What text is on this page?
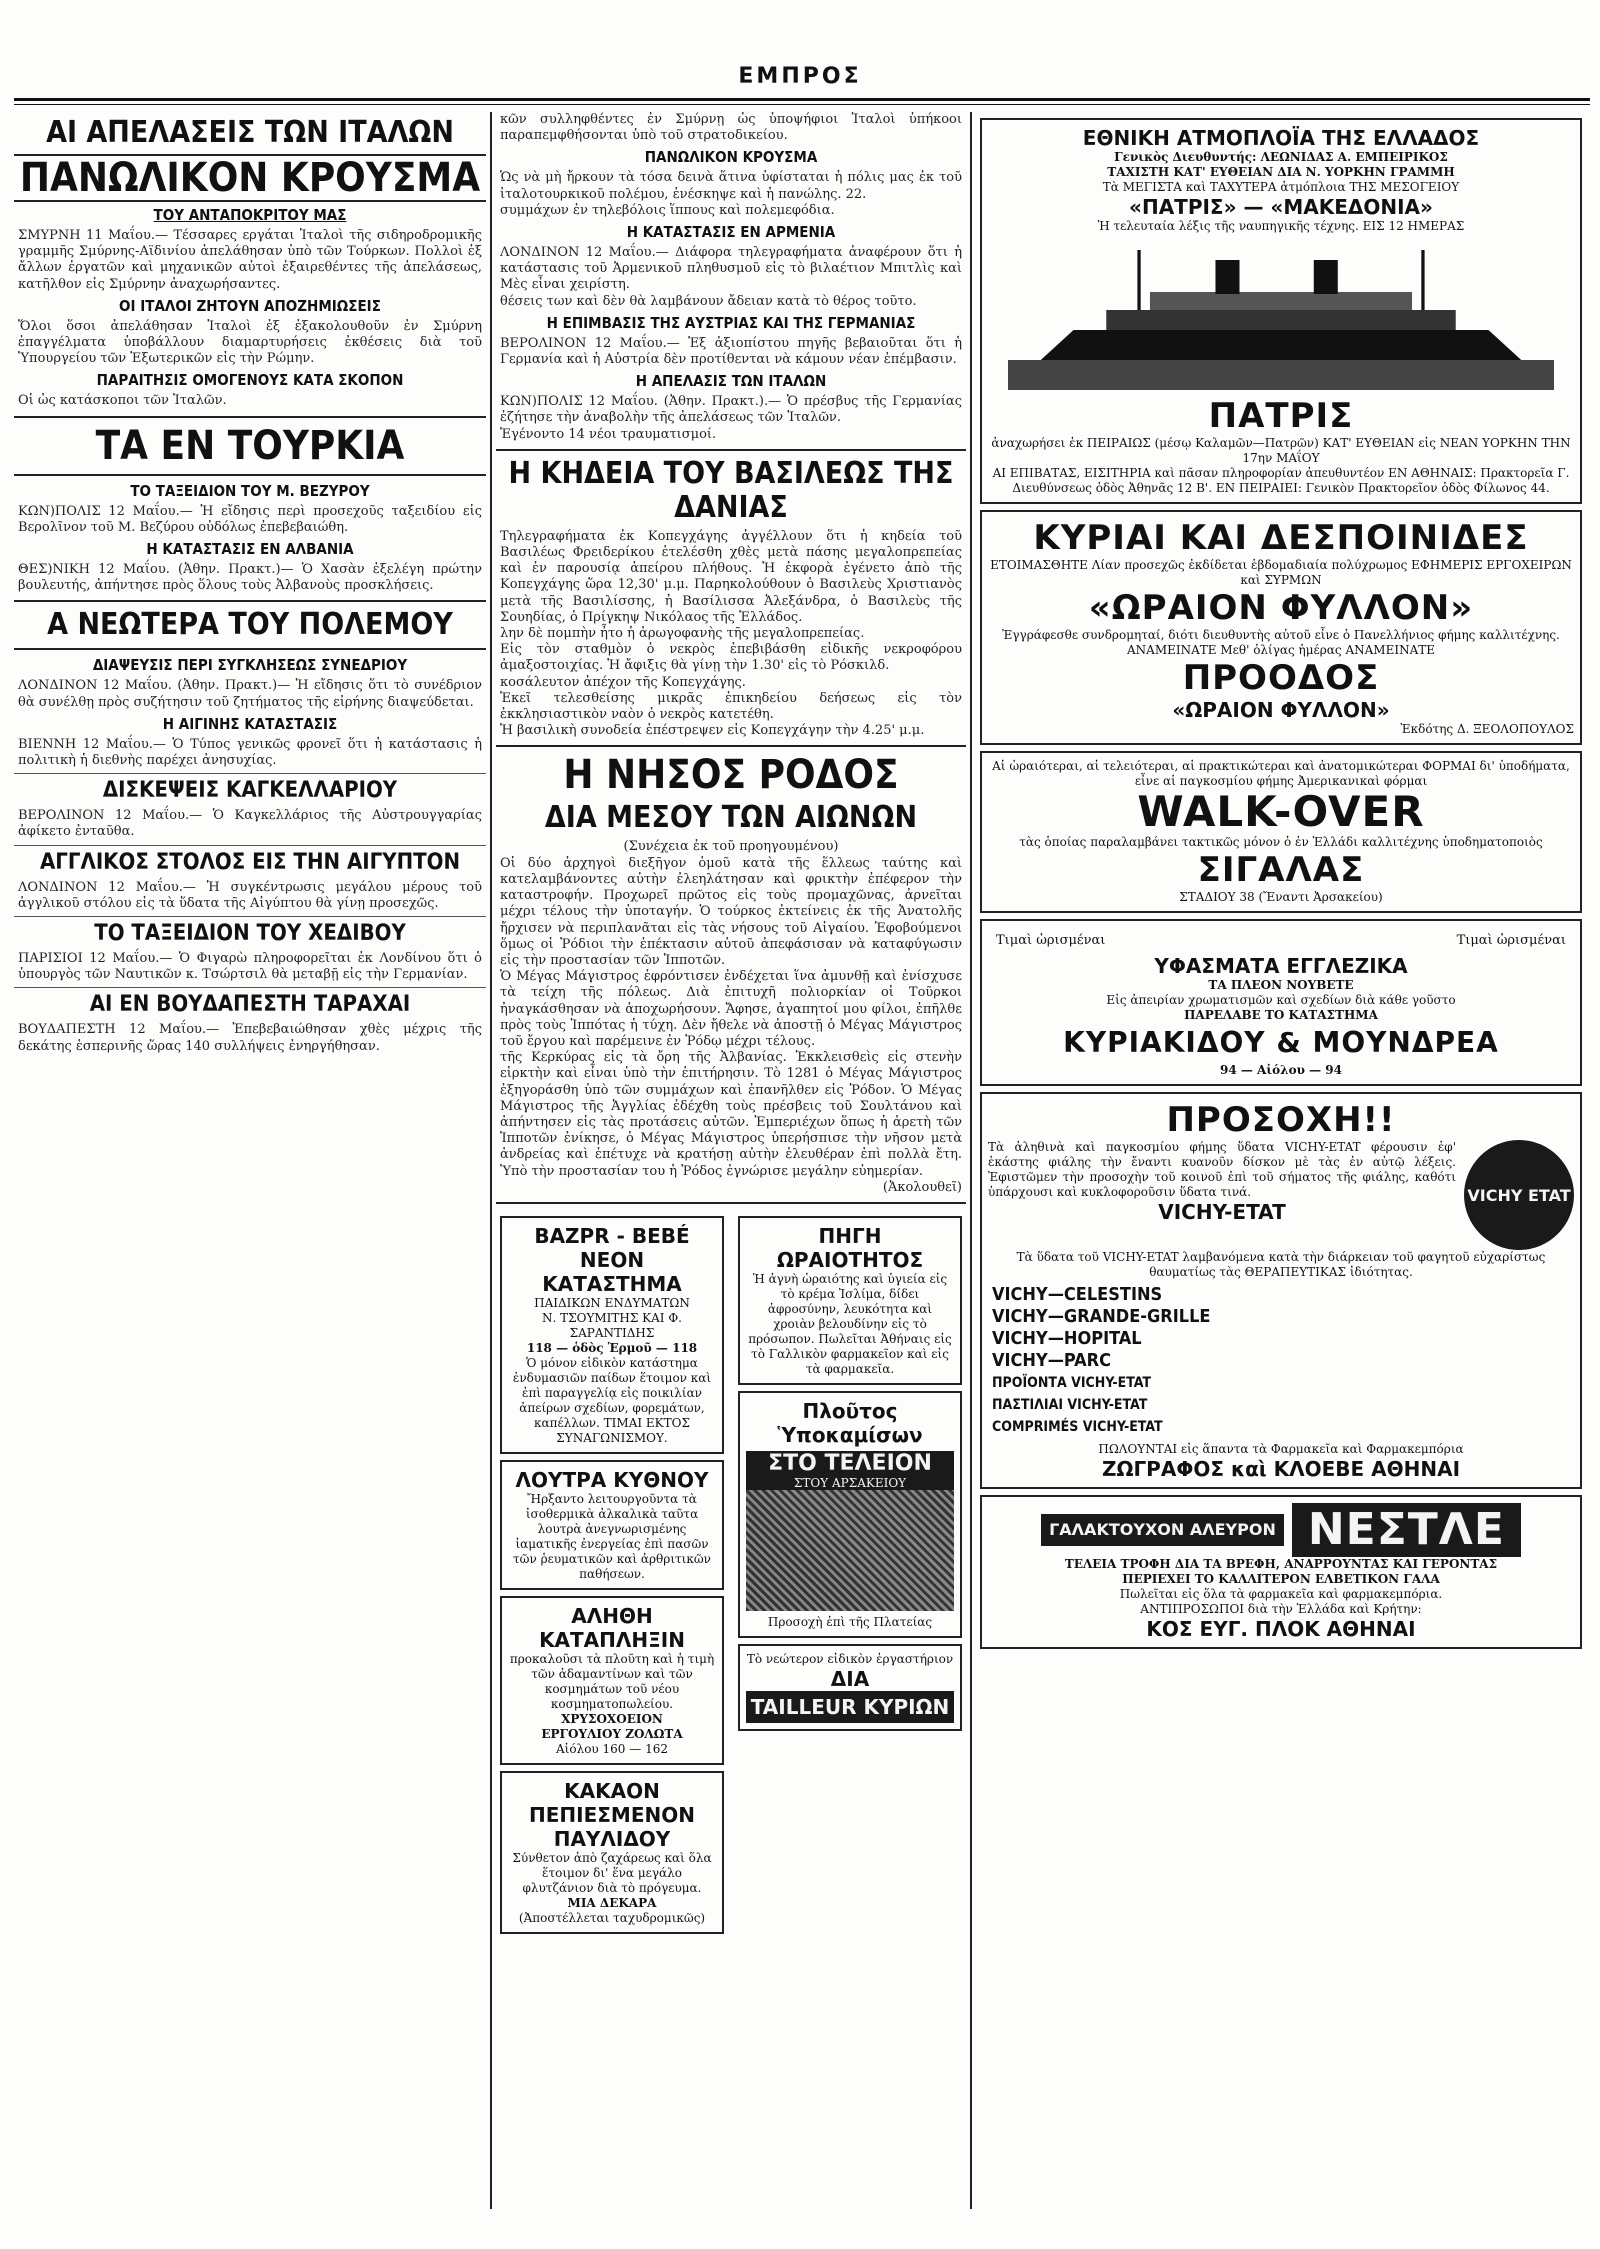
ΕΜΠΡΟΣ
ΑΙ ΑΠΕΛΑΣΕΙΣ ΤΩΝ ΙΤΑΛΩΝ
ΠΑΝΩΛΙΚΟΝ ΚΡΟΥΣΜΑ
ΤΟΥ ΑΝΤΑΠΟΚΡΙΤΟΥ ΜΑΣ
ΣΜΥΡΝΗ 11 Μαΐου.— Τέσσαρες εργάται Ἰταλοὶ τῆς σιδηροδρομικῆς γραμμῆς Σμύρνης-Αϊδινίου ἀπελάθησαν ὑπὸ τῶν Τούρκων. Πολλοὶ ἐξ ἄλλων ἐργατῶν καὶ μηχανικῶν αὐτοὶ ἐξαιρεθέντες τῆς ἀπελάσεως, κατῆλθον εἰς Σμύρνην ἀναχωρήσαντες.
ΟΙ ΙΤΑΛΟΙ ΖΗΤΟΥΝ ΑΠΟΖΗΜΙΩΣΕΙΣ
Ὅλοι ὅσοι ἀπελάθησαν Ἰταλοὶ ἐξ ἐξακολουθοῦν ἐν Σμύρνη ἐπαγγέλματα ὑποβάλλουν διαμαρτυρήσεις ἐκθέσεις διὰ τοῦ Ὑπουργείου τῶν Ἐξωτερικῶν εἰς τὴν Ρώμην.
ΠΑΡΑΙΤΗΣΙΣ ΟΜΟΓΕΝΟΥΣ ΚΑΤΑ ΣΚΟΠΟΝ
Οἱ ὡς κατάσκοποι τῶν Ἰταλῶν.
ΤΑ ΕΝ ΤΟΥΡΚΙΑ
ΤΟ ΤΑΞΕΙΔΙΟΝ ΤΟΥ Μ. ΒΕΖΥΡΟΥ
ΚΩΝ)ΠΟΛΙΣ 12 Μαΐου.— Ἡ εἴδησις περὶ προσεχοῦς ταξειδίου εἰς Βερολῖνον τοῦ Μ. Βεζύρου οὐδόλως ἐπεβεβαιώθη.
Η ΚΑΤΑΣΤΑΣΙΣ ΕΝ ΑΛΒΑΝΙΑ
ΘΕΣ)ΝΙΚΗ 12 Μαΐου. (Ἀθην. Πρακτ.)— Ὁ Χασὰν ἐξελέγη πρώτην βουλευτής, ἀπήντησε πρὸς ὅλους τοὺς Ἀλβανοὺς προσκλήσεις.
Α ΝΕΩΤΕΡΑ ΤΟΥ ΠΟΛΕΜΟΥ
ΔΙΑΨΕΥΣΙΣ ΠΕΡΙ ΣΥΓΚΛΗΣΕΩΣ ΣΥΝΕΔΡΙΟΥ
ΛΟΝΔΙΝΟΝ 12 Μαΐου. (Ἀθην. Πρακτ.)— Ἡ εἴδησις ὅτι τὸ συνέδριον θὰ συνέλθῃ πρὸς συζήτησιν τοῦ ζητήματος τῆς εἰρήνης διαψεύδεται.
Η ΑΙΓΙΝΗΣ ΚΑΤΑΣΤΑΣΙΣ
ΒΙΕΝΝΗ 12 Μαΐου.— Ὁ Τύπος γενικῶς φρονεῖ ὅτι ἡ κατάστασις ἡ πολιτικὴ ἡ διεθνὴς παρέχει ἀνησυχίας.
ΔΙΣΚΕΨΕΙΣ ΚΑΓΚΕΛΛΑΡΙΟΥ
ΒΕΡΟΛΙΝΟΝ 12 Μαΐου.— Ὁ Καγκελλάριος τῆς Αὐστρουγγαρίας ἀφίκετο ἐνταῦθα.
ΑΓΓΛΙΚΟΣ ΣΤΟΛΟΣ ΕΙΣ ΤΗΝ ΑΙΓΥΠΤΟΝ
ΛΟΝΔΙΝΟΝ 12 Μαΐου.— Ἡ συγκέντρωσις μεγάλου μέρους τοῦ ἀγγλικοῦ στόλου εἰς τὰ ὕδατα τῆς Αἰγύπτου θὰ γίνῃ προσεχῶς.
ΤΟ ΤΑΞΕΙΔΙΟΝ ΤΟΥ ΧΕΔΙΒΟΥ
ΠΑΡΙΣΙΟΙ 12 Μαΐου.— Ὁ Φιγαρὼ πληροφορεῖται ἐκ Λονδίνου ὅτι ὁ ὑπουργὸς τῶν Ναυτικῶν κ. Τσώρτσιλ θὰ μεταβῇ εἰς τὴν Γερμανίαν.
ΑΙ ΕΝ ΒΟΥΔΑΠΕΣΤΗ ΤΑΡΑΧΑΙ
ΒΟΥΔΑΠΕΣΤΗ 12 Μαΐου.— Ἐπεβεβαιώθησαν χθὲς μέχρις τῆς δεκάτης ἑσπερινῆς ὥρας 140 συλλήψεις ἐνηργήθησαν.
κῶν συλληφθέντες ἐν Σμύρνῃ ὡς ὑποψήφιοι Ἰταλοὶ ὑπήκοοι παραπεμφθήσονται ὑπὸ τοῦ στρατοδικείου.
ΠΑΝΩΛΙΚΟΝ ΚΡΟΥΣΜΑ
Ὡς νὰ μὴ ἤρκουν τὰ τόσα δεινὰ ἅτινα ὑφίσταται ἡ πόλις μας ἐκ τοῦ ἰταλοτουρκικοῦ πολέμου, ἐνέσκηψε καὶ ἡ πανώλης. 22.
συμμάχων ἐν τηλεβόλοις ἵππους καὶ πολεμεφόδια.
Η ΚΑΤΑΣΤΑΣΙΣ ΕΝ ΑΡΜΕΝΙΑ
ΛΟΝΔΙΝΟΝ 12 Μαΐου.— Διάφορα τηλεγραφήματα ἀναφέρουν ὅτι ἡ κατάστασις τοῦ Ἀρμενικοῦ πληθυσμοῦ εἰς τὸ βιλαέτιον Μπιτλὶς καὶ Μὲς εἶναι χειρίστη.
θέσεις των καὶ δὲν θὰ λαμβάνουν ἄδειαν κατὰ τὸ θέρος τοῦτο.
Η ΕΠΙΜΒΑΣΙΣ ΤΗΣ ΑΥΣΤΡΙΑΣ ΚΑΙ ΤΗΣ ΓΕΡΜΑΝΙΑΣ
ΒΕΡΟΛΙΝΟΝ 12 Μαΐου.— Ἐξ ἀξιοπίστου πηγῆς βεβαιοῦται ὅτι ἡ Γερμανία καὶ ἡ Αὐστρία δὲν προτίθενται νὰ κάμουν νέαν ἐπέμβασιν.
Η ΑΠΕΛΑΣΙΣ ΤΩΝ ΙΤΑΛΩΝ
ΚΩΝ)ΠΟΛΙΣ 12 Μαΐου. (Ἀθην. Πρακτ.).— Ὁ πρέσβυς τῆς Γερμανίας ἐζήτησε τὴν ἀναβολὴν τῆς ἀπελάσεως τῶν Ἰταλῶν.
Ἐγένοντο 14 νέοι τραυματισμοί.
Η ΚΗΔΕΙΑ ΤΟΥ ΒΑΣΙΛΕΩΣ ΤΗΣ ΔΑΝΙΑΣ
Τηλεγραφήματα ἐκ Κοπεγχάγης ἀγγέλλουν ὅτι ἡ κηδεία τοῦ Βασιλέως Φρειδερίκου ἐτελέσθη χθὲς μετὰ πάσης μεγαλοπρεπείας καὶ ἐν παρουσίᾳ ἀπείρου πλήθους. Ἡ ἐκφορὰ ἐγένετο ἀπὸ τῆς Κοπεγχάγης ὥρα 12,30' μ.μ. Παρηκολούθουν ὁ Βασιλεὺς Χριστιανὸς μετὰ τῆς Βασιλίσσης, ἡ Βασίλισσα Ἀλεξάνδρα, ὁ Βασιλεὺς τῆς Σουηδίας, ὁ Πρίγκηψ Νικόλαος τῆς Ἑλλάδος.
λην δὲ πομπὴν ἦτο ἡ ἀρωγοφανὴς τῆς μεγαλοπρεπείας.
Εἰς τὸν σταθμὸν ὁ νεκρὸς ἐπεβιβάσθη εἰδικῆς νεκροφόρου ἀμαξοστοιχίας. Ἡ ἄφιξις θὰ γίνῃ τὴν 1.30' εἰς τὸ Ρόσκιλδ.
κοσάλευτον ἀπέχον τῆς Κοπεγχάγης.
Ἐκεῖ τελεσθείσης μικρᾶς ἐπικηδείου δεήσεως εἰς τὸν ἐκκλησιαστικὸν ναὸν ὁ νεκρὸς κατετέθη.
Ἡ βασιλικὴ συνοδεία ἐπέστρεψεν εἰς Κοπεγχάγην τὴν 4.25' μ.μ.
Η ΝΗΣΟΣ ΡΟΔΟΣ
ΔΙΑ ΜΕΣΟΥ ΤΩΝ ΑΙΩΝΩΝ
(Συνέχεια ἐκ τοῦ προηγουμένου)
Οἱ δύο ἀρχηγοὶ διεξῆγον ὁμοῦ κατὰ τῆς ἕλλεως ταύτης καὶ κατελαμβάνοντες αὐτὴν ἐλεηλάτησαν καὶ φρικτὴν ἐπέφερον τὴν καταστροφήν. Προχωρεῖ πρῶτος εἰς τοὺς προμαχῶνας, ἀρνεῖται μέχρι τέλους τὴν ὑποταγήν. Ὁ τούρκος ἐκτείνεις ἐκ τῆς Ἀνατολῆς ἤρχισεν νὰ περιπλανᾶται εἰς τὰς νήσους τοῦ Αἰγαίου. Ἐφοβούμενοι ὅμως οἱ Ῥόδιοι τὴν ἐπέκτασιν αὐτοῦ ἀπεφάσισαν νὰ καταφύγωσιν εἰς τὴν προστασίαν τῶν Ἱπποτῶν.
Ὁ Μέγας Μάγιστρος ἐφρόντισεν ἐνδέχεται ἵνα ἀμυνθῇ καὶ ἐνίσχυσε τὰ τείχη τῆς πόλεως. Διὰ ἐπιτυχῆ πολιορκίαν οἱ Τοῦρκοι ἠναγκάσθησαν νὰ ἀποχωρήσουν. Ἄφησε, ἀγαπητοί μου φίλοι, ἐπῆλθε πρὸς τοὺς Ἱππότας ἡ τύχη. Δὲν ἤθελε νὰ ἀποστῇ ὁ Μέγας Μάγιστρος τοῦ ἔργου καὶ παρέμεινε ἐν Ῥόδῳ μέχρι τέλους.
τῆς Κερκύρας εἰς τὰ ὄρη τῆς Ἀλβανίας. Ἐκκλεισθεὶς εἰς στενὴν εἱρκτὴν καὶ εἶναι ὑπὸ τὴν ἐπιτήρησιν. Τὸ 1281 ὁ Μέγας Μάγιστρος ἐξηγοράσθη ὑπὸ τῶν συμμάχων καὶ ἐπανῆλθεν εἰς Ῥόδον. Ὁ Μέγας Μάγιστρος τῆς Ἀγγλίας ἐδέχθη τοὺς πρέσβεις τοῦ Σουλτάνου καὶ ἀπήντησεν εἰς τὰς προτάσεις αὐτῶν. Ἐμπεριέχων ὅπως ἡ ἀρετὴ τῶν Ἱπποτῶν ἐνίκησε, ὁ Μέγας Μάγιστρος ὑπερήσπισε τὴν νῆσον μετὰ ἀνδρείας καὶ ἐπέτυχε νὰ κρατήσῃ αὐτὴν ἐλευθέραν ἐπὶ πολλὰ ἔτη. Ὑπὸ τὴν προστασίαν του ἡ Ῥόδος ἐγνώρισε μεγάλην εὐημερίαν.
(Ἀκολουθεῖ)
BAZPR - BEBÉ
ΝΕΟΝ ΚΑΤΑΣΤΗΜΑ
ΠΑΙΔΙΚΩΝ ΕΝΔΥΜΑΤΩΝ
Ν. ΤΣΟΥΜΙΤΗΣ ΚΑΙ Φ. ΣΑΡΑΝΤΙΔΗΣ
118 — ὁδὸς Ἑρμοῦ — 118
Ὁ μόνον εἰδικὸν κατάστημα ἐνδυμασιῶν παίδων ἕτοιμον καὶ ἐπὶ παραγγελίᾳ εἰς ποικιλίαν ἀπείρων σχεδίων, φορεμάτων, καπέλλων. ΤΙΜΑΙ ΕΚΤΟΣ ΣΥΝΑΓΩΝΙΣΜΟΥ.
ΛΟΥΤΡΑ ΚΥΘΝΟΥ
Ἤρξαντο λειτουργοῦντα τὰ ἰσοθερμικὰ ἀλκαλικὰ ταῦτα λουτρὰ ἀνεγνωρισμένης ἰαματικῆς ἐνεργείας ἐπὶ πασῶν τῶν ῥευματικῶν καὶ ἀρθριτικῶν παθήσεων.
ΑΛΗΘΗ ΚΑΤΑΠΛΗΞΙΝ
προκαλοῦσι τὰ πλοῦτη καὶ ἡ τιμὴ τῶν ἀδαμαντίνων καὶ τῶν κοσμημάτων τοῦ νέου κοσμηματοπωλείου.
ΧΡΥΣΟΧΟΕΙΟΝ
ΕΡΓΟΥΛΙΟΥ ΖΟΛΩΤΑ
Αἰόλου 160 — 162
ΚΑΚΑΟΝ ΠΕΠΙΕΣΜΕΝΟΝ ΠΑΥΛΙΔΟΥ
Σύνθετον ἀπὸ ζαχάρεως καὶ ὅλα ἕτοιμον δι' ἕνα μεγάλο φλυτζάνιον διὰ τὸ πρόγευμα.
ΜΙΑ ΔΕΚΑΡΑ
(Ἀποστέλλεται ταχυδρομικῶς)
ΠΗΓΗ ΩΡΑΙΟΤΗΤΟΣ
Ἡ ἁγνὴ ὡραιότης καὶ ὑγιεία εἰς τὸ κρέμα Ἰσλίμα, δίδει ἀφροσύνην, λευκότητα καὶ χροιὰν βελουδίνην εἰς τὸ πρόσωπον. Πωλεῖται Ἀθήναις εἰς τὸ Γαλλικὸν φαρμακεῖον καὶ εἰς τὰ φαρμακεῖα.
Πλοῦτος Ὑποκαμίσων
ΣΤΟ ΤΕΛΕΙΟΝ
ΣΤΟΥ ΑΡΣΑΚΕΙΟΥ
Προσοχὴ ἐπὶ τῆς Πλατείας
Τὸ νεώτερον εἰδικὸν ἐργαστήριον
ΔΙΑ
TAILLEUR ΚΥΡΙΩΝ
ΕΘΝΙΚΗ ΑΤΜΟΠΛΟΪΑ ΤΗΣ ΕΛΛΑΔΟΣ
Γενικὸς Διευθυντής: ΛΕΩΝΙΔΑΣ Α. ΕΜΠΕΙΡΙΚΟΣ
ΤΑΧΙΣΤΗ ΚΑΤ' ΕΥΘΕΙΑΝ ΔΙΑ Ν. ΥΟΡΚΗΝ ΓΡΑΜΜΗ
Τὰ ΜΕΓΙΣΤΑ καὶ ΤΑΧΥΤΕΡΑ ἀτμόπλοια ΤΗΣ ΜΕΣΟΓΕΙΟΥ
«ΠΑΤΡΙΣ» — «ΜΑΚΕΔΟΝΙΑ»
Ἡ τελευταία λέξις τῆς ναυπηγικῆς τέχνης. ΕΙΣ 12 ΗΜΕΡΑΣ
ΠΑΤΡΙΣ
ἀναχωρήσει ἐκ ΠΕΙΡΑΙΩΣ (μέσῳ Καλαμῶν—Πατρῶν) ΚΑΤ' ΕΥΘΕΙΑΝ εἰς ΝΕΑΝ ΥΟΡΚΗΝ ΤΗΝ 17ην ΜΑΐΟΥ
ΑΙ ΕΠΙΒΑΤΑΣ, ΕΙΣΙΤΗΡΙΑ καὶ πᾶσαν πληροφορίαν ἀπευθυντέον ΕΝ ΑΘΗΝΑΙΣ: Πρακτορεῖα Γ. Διευθύνσεως ὁδὸς Ἀθηνᾶς 12 Β'. ΕΝ ΠΕΙΡΑΙΕΙ: Γενικὸν Πρακτορεῖον ὁδὸς Φίλωνος 44.
ΚΥΡΙΑΙ ΚΑΙ ΔΕΣΠΟΙΝΙΔΕΣ
ΕΤΟΙΜΑΣΘΗΤΕ Λίαν προσεχῶς ἐκδίδεται ἑβδομαδιαία πολύχρωμος ΕΦΗΜΕΡΙΣ ΕΡΓΟΧΕΙΡΩΝ καὶ ΣΥΡΜΩΝ
«ΩΡΑΙΟΝ ΦΥΛΛΟΝ»
Ἐγγράφεσθε συνδρομηταί, διότι διευθυντὴς αὐτοῦ εἶνε ὁ Πανελλήνιος φήμης καλλιτέχνης. ΑΝΑΜΕΙΝΑΤΕ Μεθ' ὀλίγας ἡμέρας ΑΝΑΜΕΙΝΑΤΕ
ΠΡΟΟΔΟΣ
«ΩΡΑΙΟΝ ΦΥΛΛΟΝ»
Ἐκδότης Δ. ΞΕΟΛΟΠΟΥΛΟΣ
Αἱ ὡραιότεραι, αἱ τελειότεραι, αἱ πρακτικώτεραι καὶ ἀνατομικώτεραι ΦΟΡΜΑΙ δι' ὑποδήματα, εἶνε αἱ παγκοσμίου φήμης Ἀμερικανικαὶ φόρμαι
WALK-OVER
τὰς ὁποίας παραλαμβάνει τακτικῶς μόνον ὁ ἐν Ἑλλάδι καλλιτέχνης ὑποδηματοποιὸς
ΣΙΓΑΛΑΣ
ΣΤΑΔΙΟΥ 38 (Ἔναντι Ἀρσακείου)
Τιμαὶ ὡρισμέναι	Τιμαὶ ὡρισμέναι
ΥΦΑΣΜΑΤΑ ΕΓΓΛΕΖΙΚΑ
ΤΑ ΠΛΕΟΝ ΝΟΥΒΕΤΕ
Εἰς ἀπειρίαν χρωματισμῶν καὶ σχεδίων διὰ κάθε γοῦστο
ΠΑΡΕΛΑΒΕ ΤΟ ΚΑΤΑΣΤΗΜΑ
ΚΥΡΙΑΚΙΔΟΥ & ΜΟΥΝΔΡΕΑ
94 — Αἰόλου — 94
ΠΡΟΣΟΧΗ!!
Τὰ ἀληθινὰ καὶ παγκοσμίου φήμης ὕδατα VICHY-ETAT φέρουσιν ἐφ' ἑκάστης φιάλης τὴν ἔναντι κυανοῦν δίσκον μὲ τὰς ἐν αὐτῷ λέξεις. Ἐφιστῶμεν τὴν προσοχὴν τοῦ κοινοῦ ἐπὶ τοῦ σήματος τῆς φιάλης, καθότι ὑπάρχουσι καὶ κυκλοφοροῦσιν ὕδατα τινά.
VICHY-ETAT
VICHY ETAT
Τὰ ὕδατα τοῦ VICHY-ETAT λαμβανόμενα κατὰ τὴν διάρκειαν τοῦ φαγητοῦ εὐχαρίστως θαυματίως τὰς ΘΕΡΑΠΕΥΤΙΚΑΣ ἰδιότητας.
VICHY—CELESTINS
VICHY—GRANDE-GRILLE
VICHY—HOPITAL
VICHY—PARC
ΠΡΟΪΟΝΤΑ VICHY-ETAT
ΠΑΣΤΙΛΙΑΙ VICHY-ETAT
COMPRIMÉS VICHY-ETAT
ΠΩΛΟΥΝΤΑΙ εἰς ἅπαντα τὰ Φαρμακεῖα καὶ Φαρμακεμπόρια
ΖΩΓΡΑΦΟΣ καὶ ΚΛΟΕΒΕ ΑΘΗΝΑΙ
ΓΑΛΑΚΤΟΥΧΟΝ ΑΛΕΥΡΟΝ ΝΕΣΤΛΕ
ΤΕΛΕΙΑ ΤΡΟΦΗ ΔΙΑ ΤΑ ΒΡΕΦΗ, ΑΝΑΡΡΟΥΝΤΑΣ ΚΑΙ ΓΕΡΟΝΤΑΣ
ΠΕΡΙΕΧΕΙ ΤΟ ΚΑΛΛΙΤΕΡΟΝ ΕΛΒΕΤΙΚΟΝ ΓΑΛΑ
Πωλεῖται εἰς ὅλα τὰ φαρμακεῖα καὶ φαρμακεμπόρια.
ΑΝΤΙΠΡΟΣΩΠΟΙ διὰ τὴν Ἑλλάδα καὶ Κρήτην:
ΚΟΣ ΕΥΓ. ΠΛΟΚ ΑΘΗΝΑΙ
